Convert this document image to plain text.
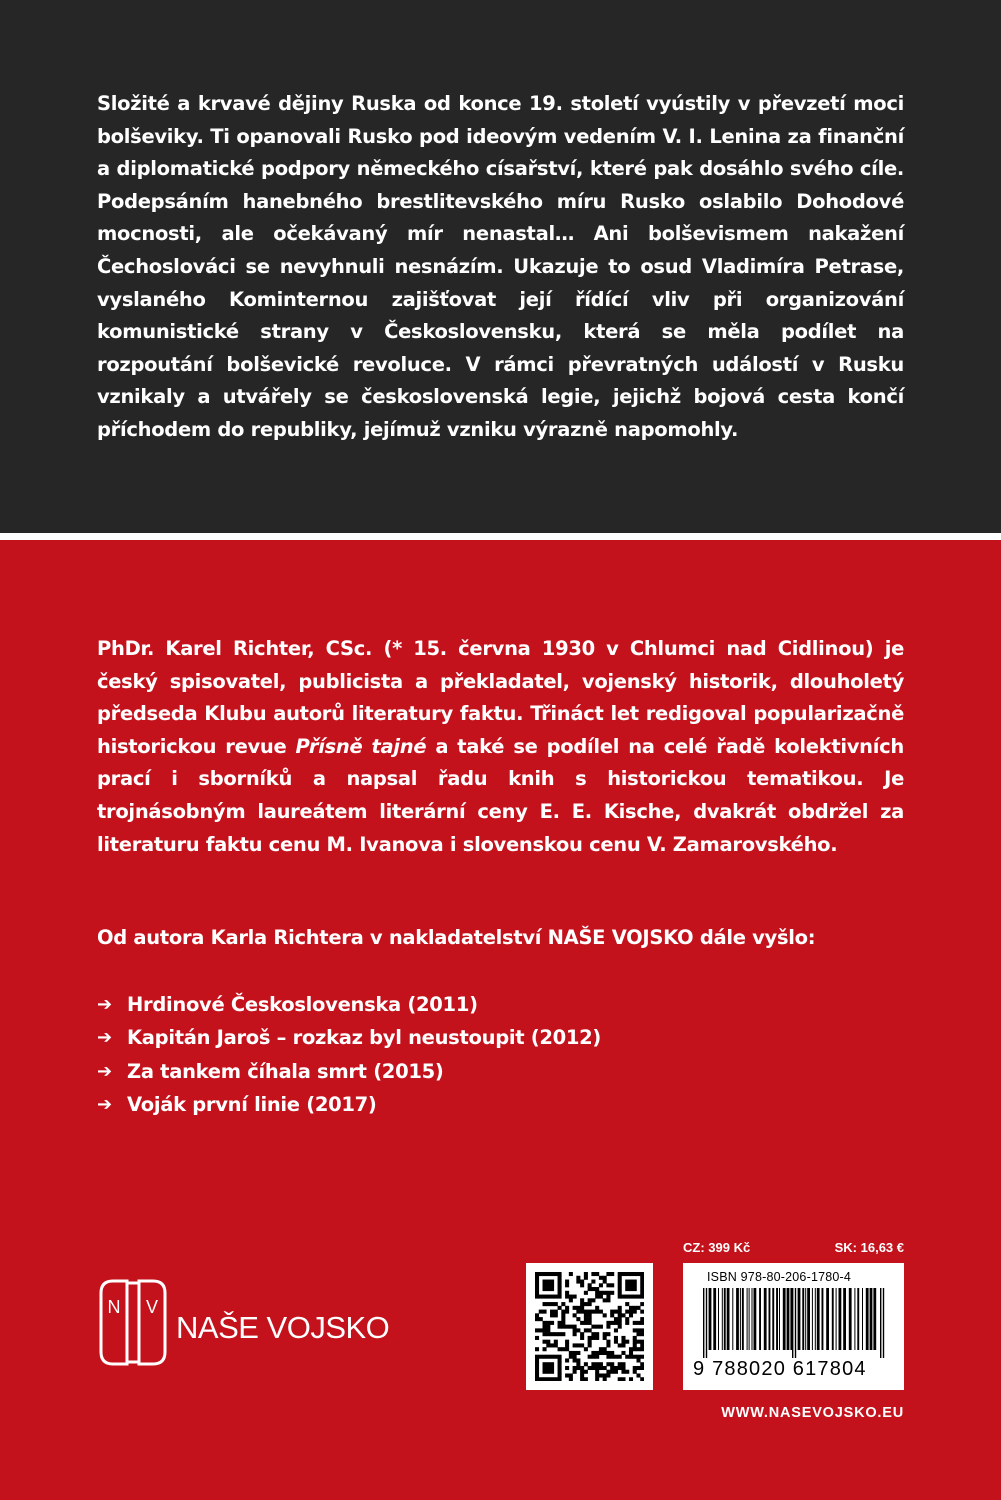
Složité a krvavé dějiny Ruska od konce 19. století vyústily v převzetí moci bolševiky. Ti opanovali Rusko pod ideovým vedením V. I. Lenina za finanční a diplomatické podpory německého císařství, které pak dosáhlo svého cíle. Podepsáním hanebného brestlitevského míru Rusko oslabilo Dohodové mocnosti, ale očekávaný mír nenastal… Ani bolševismem nakažení Čechoslováci se nevyhnuli nesnázím. Ukazuje to osud Vladimíra Petrase, vyslaného Kominternou zajišťovat její řídící vliv při organizování komunistické strany v Československu, která se měla podílet na rozpoutání bolševické revoluce. V rámci převratných událostí v Rusku vznikaly a utvářely se československá legie, jejichž bojová cesta končí příchodem do republiky, jejímuž vzniku výrazně napomohly.

PhDr. Karel Richter, CSc. (* 15. června 1930 v Chlumci nad Cidlinou) je český spisovatel, publicista a překladatel, vojenský historik, dlouholetý předseda Klubu autorů literatury faktu. Třináct let redigoval popularizačně historickou revue Přísně tajné a také se podílel na celé řadě kolektivních prací i sborníků a napsal řadu knih s historickou tematikou. Je trojnásobným laureátem literární ceny E. E. Kische, dvakrát obdržel za literaturu faktu cenu M. Ivanova i slovenskou cenu V. Zamarovského.

Od autora Karla Richtera v nakladatelství NAŠE VOJSKO dále vyšlo:

➔ Hrdinové Československa (2011)
➔ Kapitán Jaroš – rozkaz byl neustoupit (2012)
➔ Za tankem číhala smrt (2015)
➔ Voják první linie (2017)
N V
NAŠE VOJSKO
CZ: 399 Kč	SK: 16,63 €
ISBN 978-80-206-1780-4
9 788020 617804
WWW.NASEVOJSKO.EU
